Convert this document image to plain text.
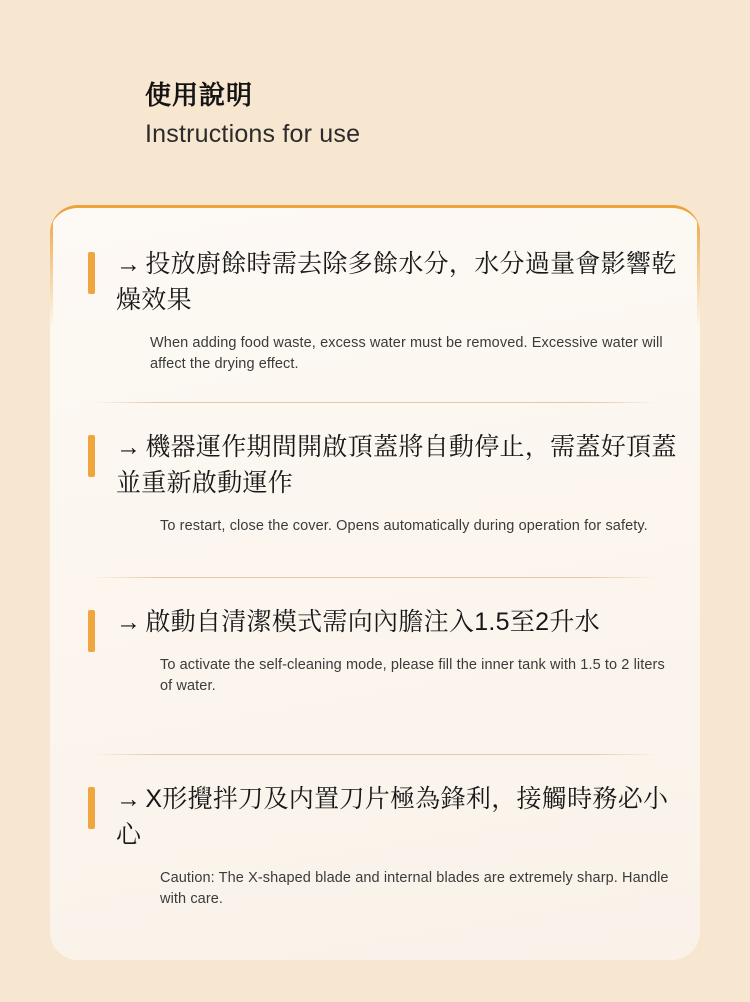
使用說明
Instructions for use

→ 投放廚餘時需去除多餘水分，水分過量會影響乾燥效果

When adding food waste, excess water must be removed. Excessive water will affect the drying effect.

→ 機器運作期間開啟頂蓋將自動停止，需蓋好頂蓋並重新啟動運作

To restart, close the cover. Opens automatically during operation for safety.

→ 啟動自清潔模式需向內膽注入1.5至2升水

To activate the self-cleaning mode, please fill the inner tank with 1.5 to 2 liters of water.

→ X形攪拌刀及内置刀片極為鋒利，接觸時務必小心

Caution: The X-shaped blade and internal blades are extremely sharp. Handle with care.
